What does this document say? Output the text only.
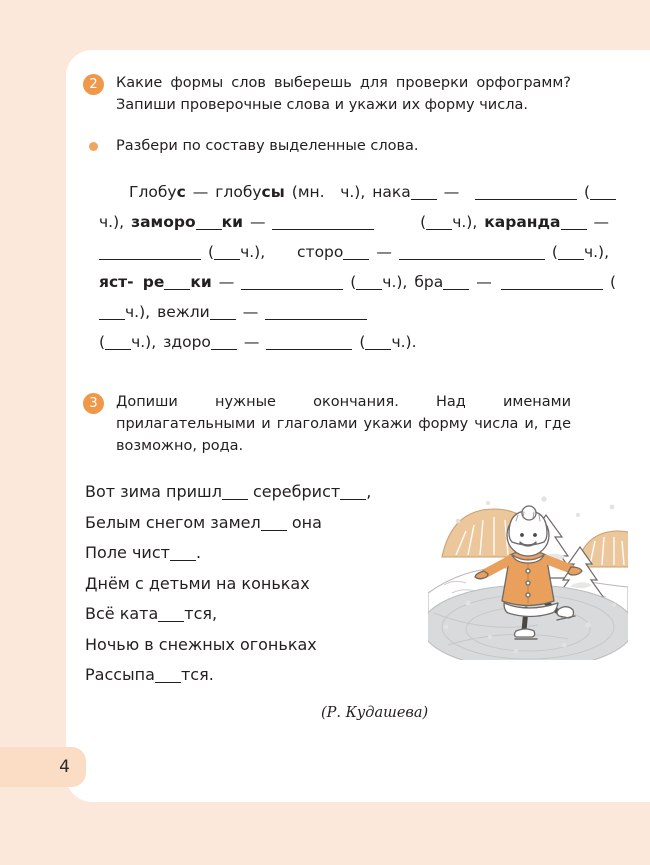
2	Какие формы слов выберешь для проверки орфограмм? Запиши проверочные слова и укажи их форму числа.
Разбери по составу выделенные слова.
Глобус — глобусы (мн. ч.), нака —	(ч.), заморо ки —	( ч.), каранда —( ч.), сторо —	( ч.),яст- ре ки —	( ч.), бра —	(ч.), вежли —
( ч.), здоро —	( ч.).
3	Допиши нужные окончания. Над именами прилагательными и глаголами укажи форму числа и, где возможно, рода.
Вот зима пришл серебрист ,
Белым снегом замел она
Поле чист .
Днём с детьми на коньках
Всё ката тся,
Ночью в снежных огоньках
Рассыпа тся.
(Р. Кудашева)
4
